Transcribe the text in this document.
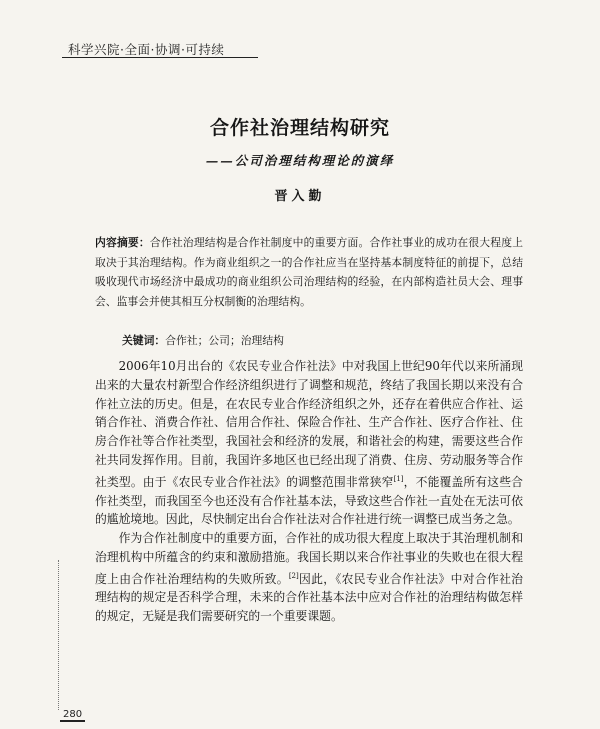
科学兴院·全面·协调·可持续
合作社治理结构研究
——公司治理结构理论的演绎
晋入勤
内容摘要：合作社治理结构是合作社制度中的重要方面。合作社事业的成功在很大程度上取决于其治理结构。作为商业组织之一的合作社应当在坚持基本制度特征的前提下，总结吸收现代市场经济中最成功的商业组织公司治理结构的经验，在内部构造社员大会、理事会、监事会并使其相互分权制衡的治理结构。
关键词：合作社；公司；治理结构

2006年10月出台的《农民专业合作社法》中对我国上世纪90年代以来所涌现出来的大量农村新型合作经济组织进行了调整和规范，终结了我国长期以来没有合作社立法的历史。但是，在农民专业合作经济组织之外，还存在着供应合作社、运销合作社、消费合作社、信用合作社、保险合作社、生产合作社、医疗合作社、住房合作社等合作社类型，我国社会和经济的发展，和谐社会的构建，需要这些合作社共同发挥作用。目前，我国许多地区也已经出现了消费、住房、劳动服务等合作社类型。由于《农民专业合作社法》的调整范围非常狭窄[1]，不能覆盖所有这些合作社类型，而我国至今也还没有合作社基本法，导致这些合作社一直处在无法可依的尴尬境地。因此，尽快制定出台合作社法对合作社进行统一调整已成当务之急。

作为合作社制度中的重要方面，合作社的成功很大程度上取决于其治理机制和治理机构中所蕴含的约束和激励措施。我国长期以来合作社事业的失败也在很大程度上由合作社治理结构的失败所致。[2]因此，《农民专业合作社法》中对合作社治理结构的规定是否科学合理，未来的合作社基本法中应对合作社的治理结构做怎样的规定，无疑是我们需要研究的一个重要课题。

280
